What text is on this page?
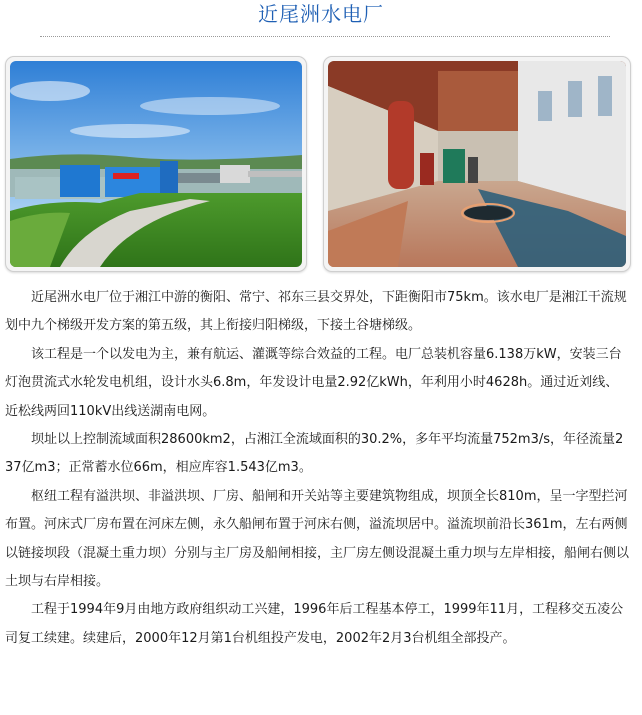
近尾洲水电厂

近尾洲水电厂位于湘江中游的衡阳、常宁、祁东三县交界处，下距衡阳市75km。该水电厂是湘江干流规划中九个梯级开发方案的第五级，其上衔接归阳梯级，下接土谷塘梯级。

该工程是一个以发电为主，兼有航运、灌溉等综合效益的工程。电厂总装机容量6.138万kW，安装三台灯泡贯流式水轮发电机组，设计水头6.8m，年发设计电量2.92亿kWh，年利用小时4628h。通过近刘线、近松线两回110kV出线送湖南电网。

坝址以上控制流域面积28600km2，占湘江全流域面积的30.2%，多年平均流量752m3/s，年径流量237亿m3；正常蓄水位66m，相应库容1.543亿m3。

枢纽工程有溢洪坝、非溢洪坝、厂房、船闸和开关站等主要建筑物组成，坝顶全长810m，呈一字型拦河布置。河床式厂房布置在河床左侧，永久船闸布置于河床右侧，溢流坝居中。溢流坝前沿长361m，左右两侧以链接坝段（混凝土重力坝）分别与主厂房及船闸相接，主厂房左侧设混凝土重力坝与左岸相接，船闸右侧以土坝与右岸相接。

工程于1994年9月由地方政府组织动工兴建，1996年后工程基本停工，1999年11月，工程移交五凌公司复工续建。续建后，2000年12月第1台机组投产发电，2002年2月3台机组全部投产。
